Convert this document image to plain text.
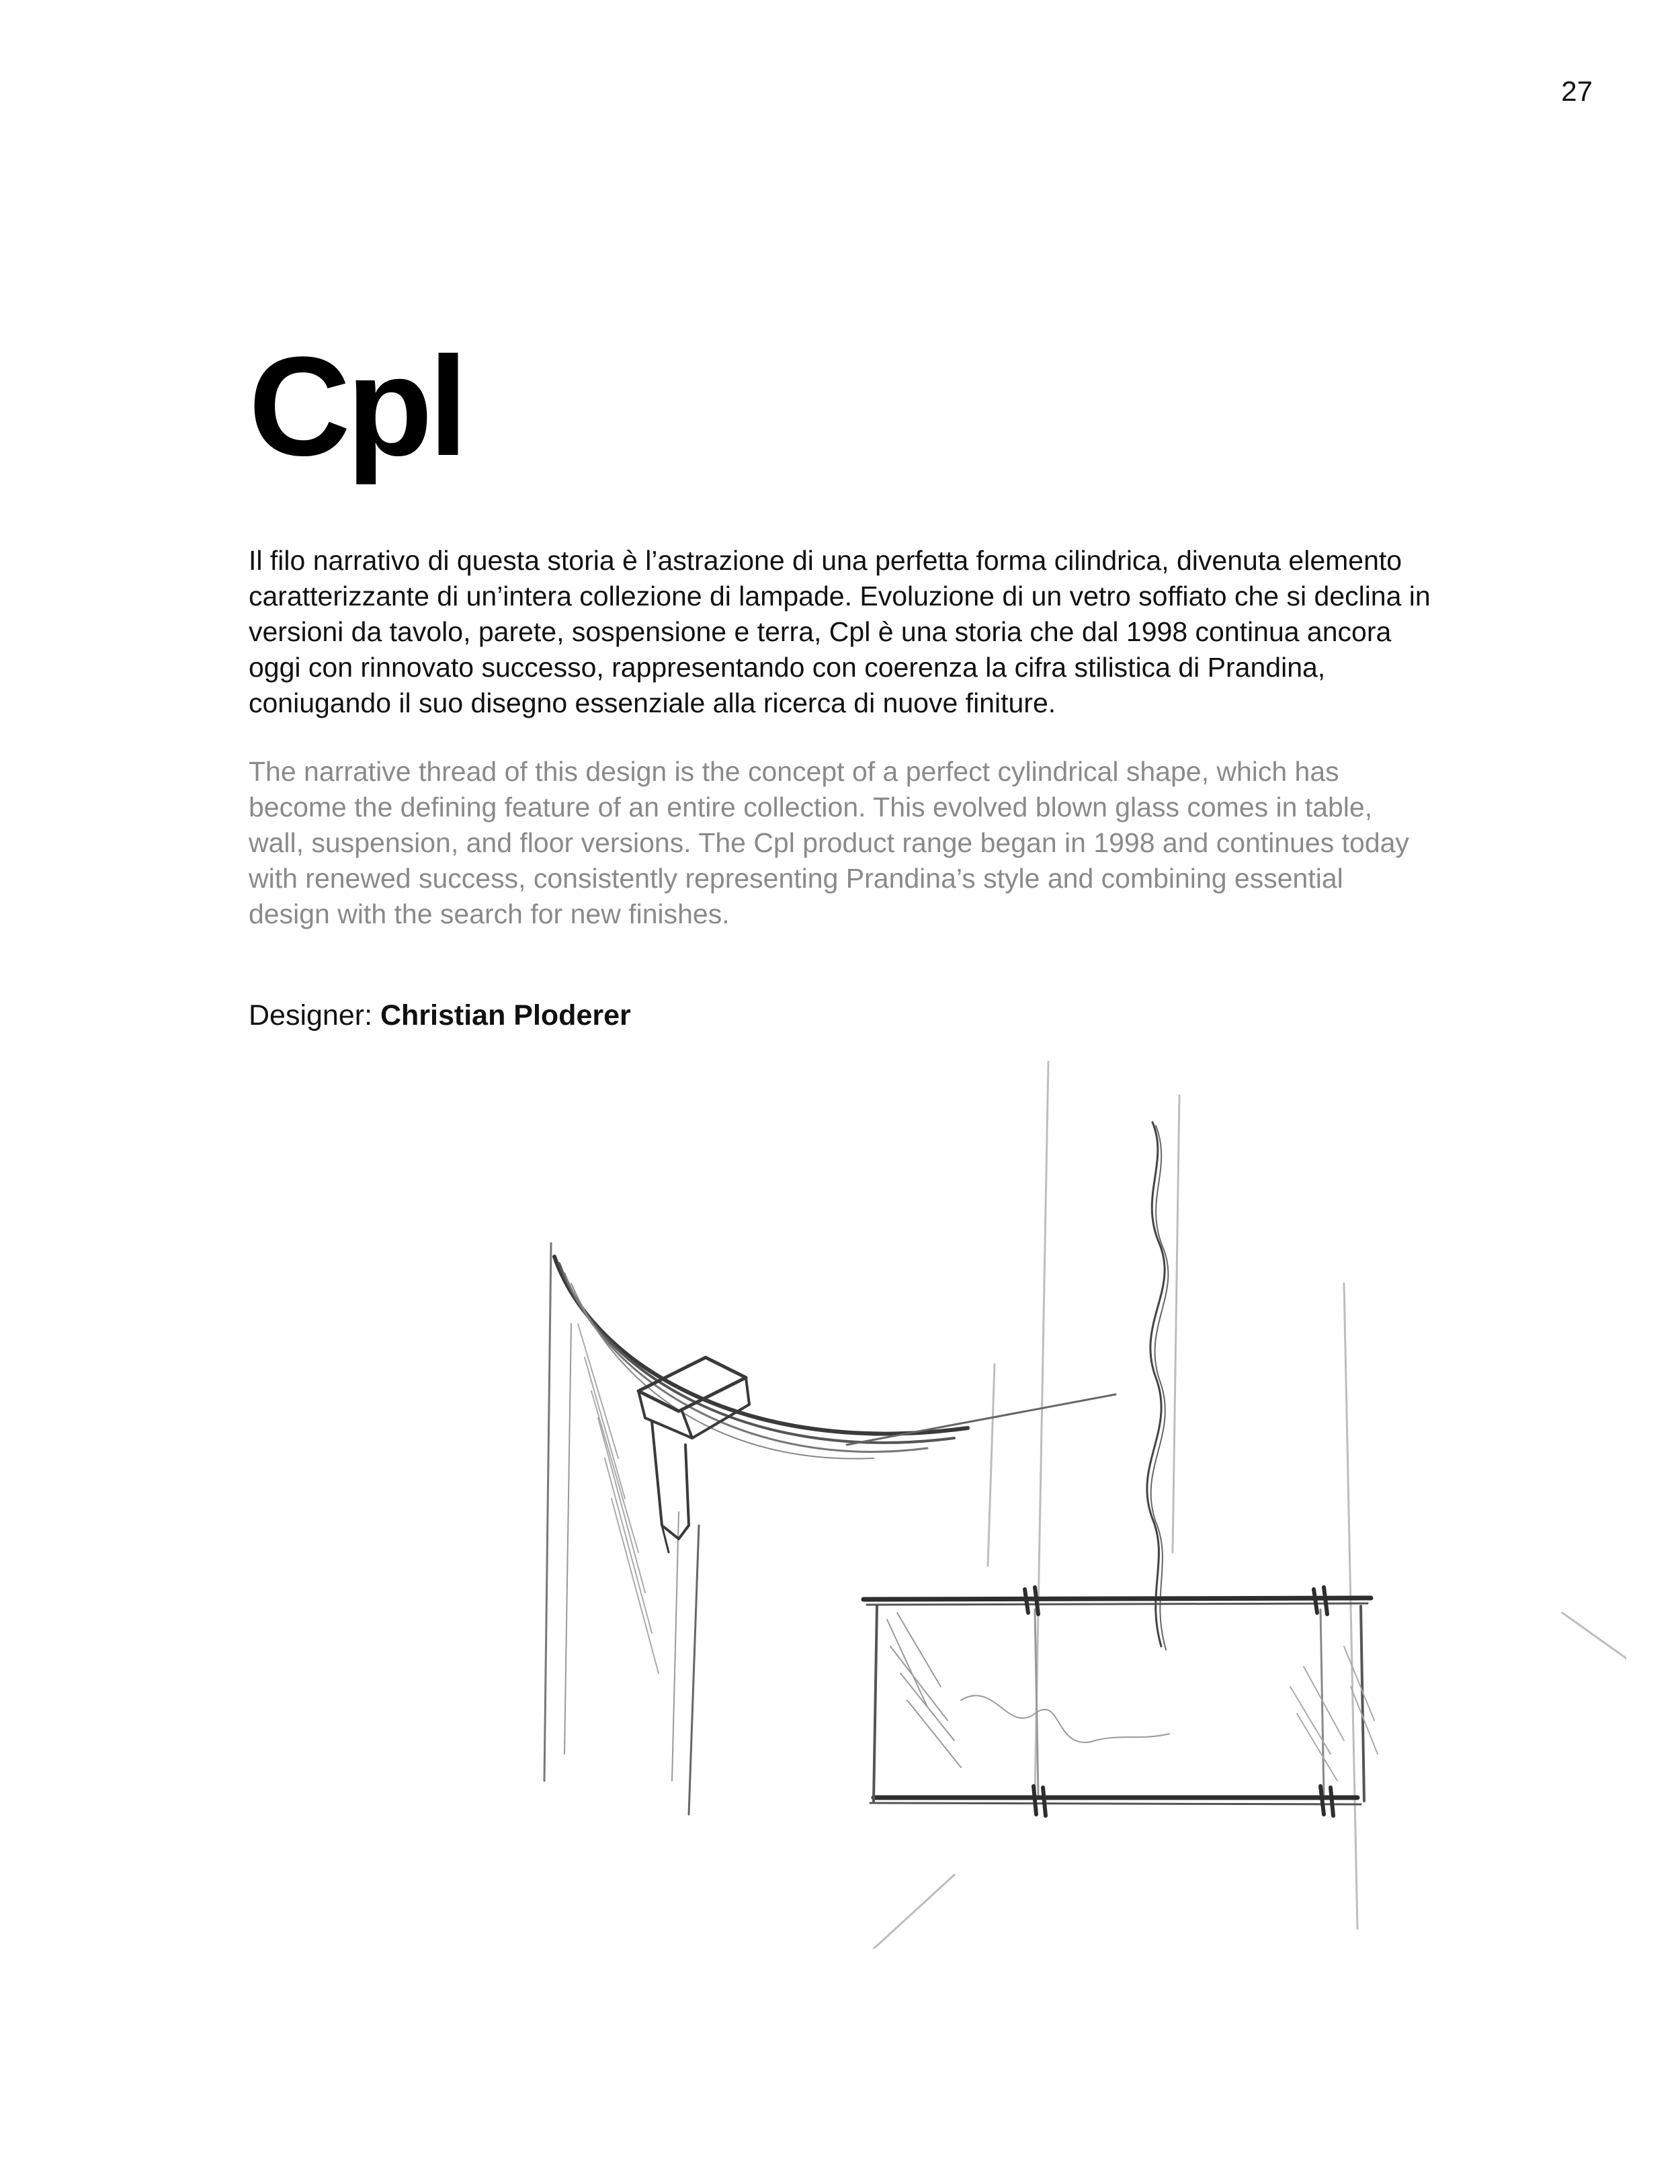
27
Cpl

Il filo narrativo di questa storia è l’astrazione di una perfetta forma cilindrica, divenuta elemento caratterizzante di un’intera collezione di lampade. Evoluzione di un vetro soffiato che si declina in versioni da tavolo, parete, sospensione e terra, Cpl è una storia che dal 1998 continua ancora oggi con rinnovato successo, rappresentando con coerenza la cifra stilistica di Prandina, coniugando il suo disegno essenziale alla ricerca di nuove finiture.

The narrative thread of this design is the concept of a perfect cylindrical shape, which has become the defining feature of an entire collection. This evolved blown glass comes in table, wall, suspension, and floor versions. The Cpl product range began in 1998 and continues today with renewed success, consistently representing Prandina’s style and combining essential design with the search for new finishes.

Designer: Christian Ploderer
